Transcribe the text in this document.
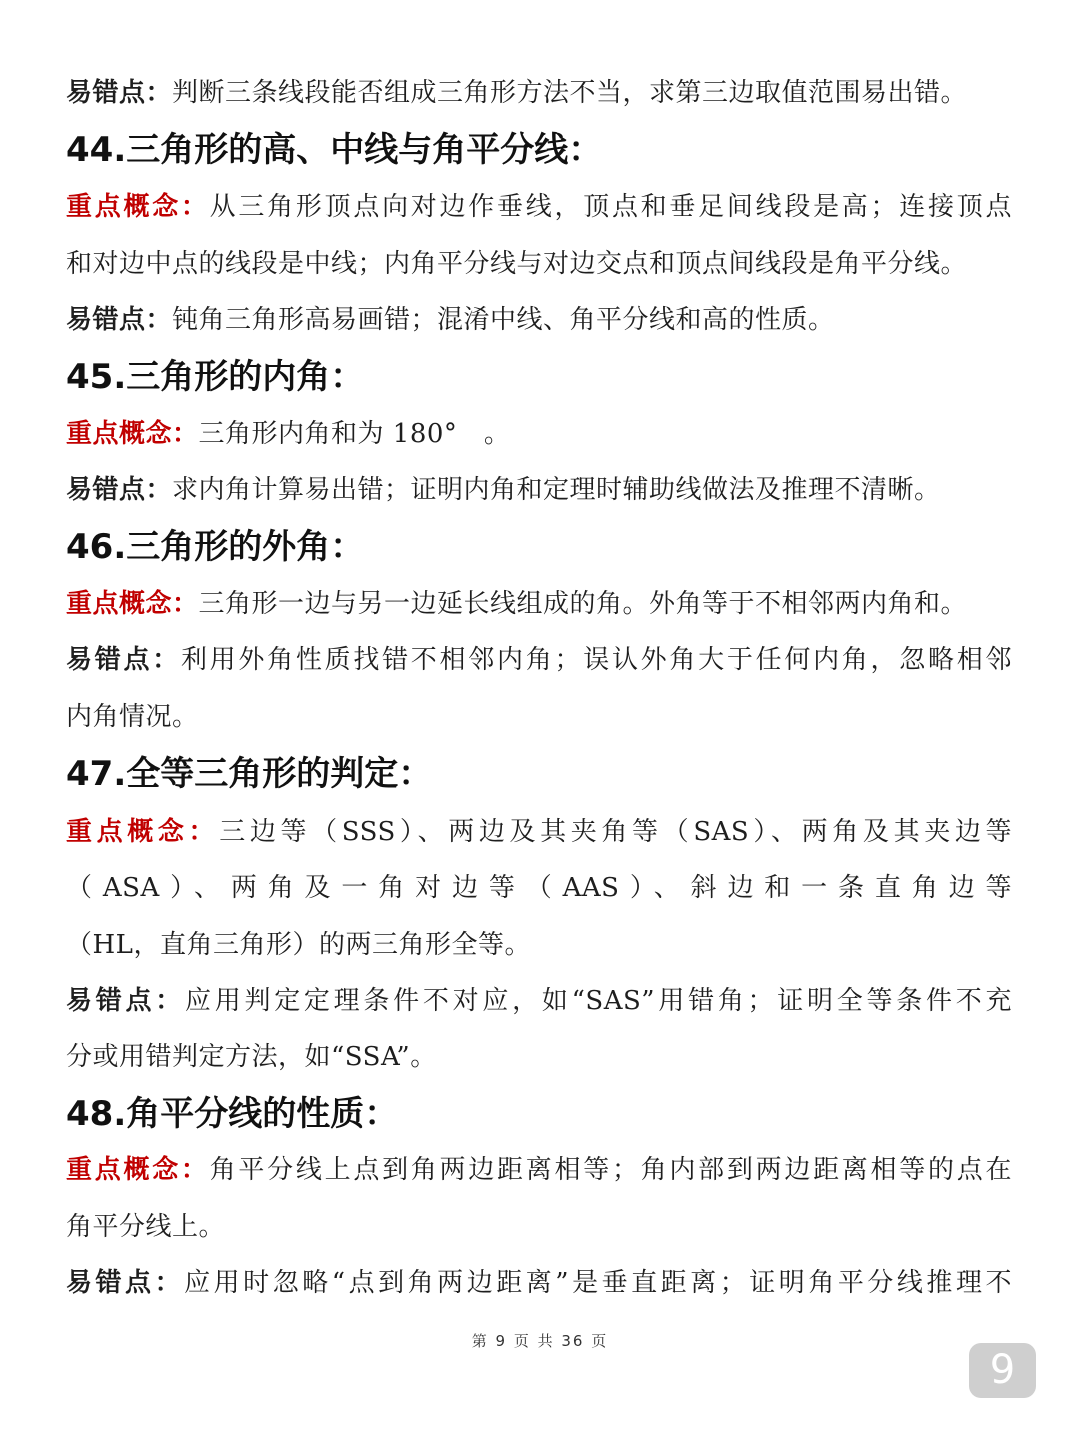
易错点：判断三条线段能否组成三角形方法不当，求第三边取值范围易出错。
44.三角形的高、中线与角平分线：
重点概念：从三角形顶点向对边作垂线，顶点和垂足间线段是高；连接顶点
和对边中点的线段是中线；内角平分线与对边交点和顶点间线段是角平分线。
易错点：钝角三角形高易画错；混淆中线、角平分线和高的性质。
45.三角形的内角：
重点概念：三角形内角和为 180°　。
易错点：求内角计算易出错；证明内角和定理时辅助线做法及推理不清晰。
46.三角形的外角：
重点概念：三角形一边与另一边延长线组成的角。外角等于不相邻两内角和。
易错点：利用外角性质找错不相邻内角；误认外角大于任何内角，忽略相邻
内角情况。
47.全等三角形的判定：
重点概念：三边等（SSS）、两边及其夹角等（SAS）、两角及其夹边等
（ASA）、两角及一角对边等（AAS）、斜边和一条直角边等
（HL，直角三角形）的两三角形全等。
易错点：应用判定定理条件不对应，如“SAS”用错角；证明全等条件不充
分或用错判定方法，如“SSA”。
48.角平分线的性质：
重点概念：角平分线上点到角两边距离相等；角内部到两边距离相等的点在
角平分线上。
易错点：应用时忽略“点到角两边距离”是垂直距离；证明角平分线推理不
第 9 页 共 36 页
9
